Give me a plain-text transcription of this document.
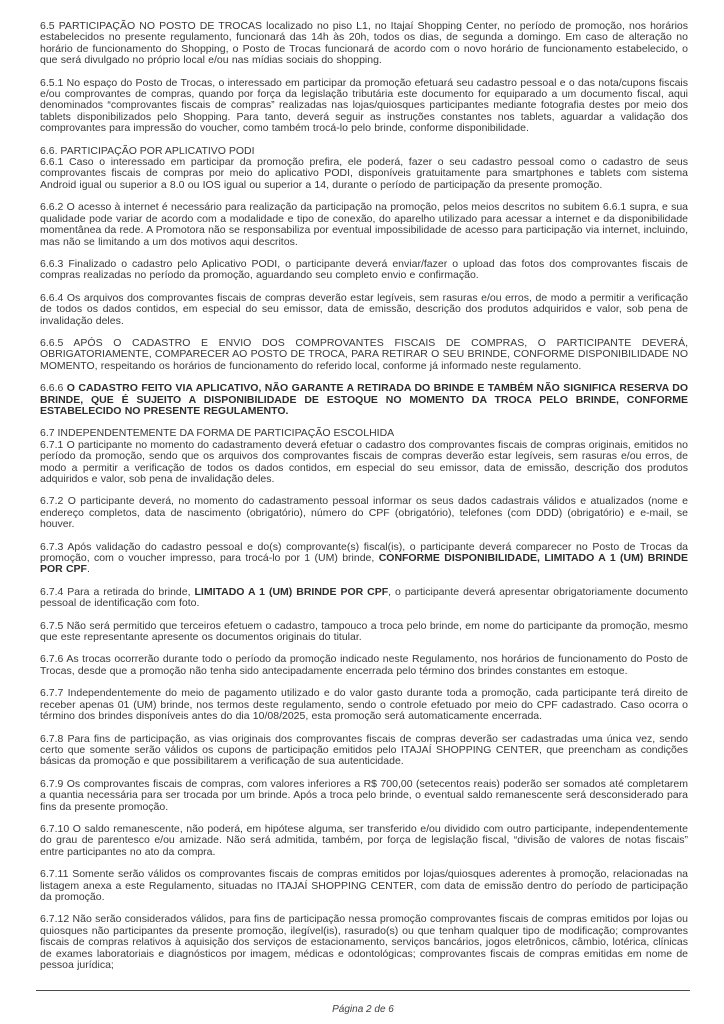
6.5 PARTICIPAÇÃO NO POSTO DE TROCAS localizado no piso L1, no Itajaí Shopping Center, no período de promoção, nos horários estabelecidos no presente regulamento, funcionará das 14h às 20h, todos os dias, de segunda a domingo. Em caso de alteração no horário de funcionamento do Shopping, o Posto de Trocas funcionará de acordo com o novo horário de funcionamento estabelecido, o que será divulgado no próprio local e/ou nas mídias sociais do shopping.

6.5.1 No espaço do Posto de Trocas, o interessado em participar da promoção efetuará seu cadastro pessoal e o das nota/cupons fiscais e/ou comprovantes de compras, quando por força da legislação tributária este documento for equiparado a um documento fiscal, aqui denominados “comprovantes fiscais de compras” realizadas nas lojas/quiosques participantes mediante fotografia destes por meio dos tablets disponibilizados pelo Shopping. Para tanto, deverá seguir as instruções constantes nos tablets, aguardar a validação dos comprovantes para impressão do voucher, como também trocá-lo pelo brinde, conforme disponibilidade.

6.6. PARTICIPAÇÃO POR APLICATIVO PODI

6.6.1 Caso o interessado em participar da promoção prefira, ele poderá, fazer o seu cadastro pessoal como o cadastro de seus comprovantes fiscais de compras por meio do aplicativo PODI, disponíveis gratuitamente para smartphones e tablets com sistema Android igual ou superior a 8.0 ou IOS igual ou superior a 14, durante o período de participação da presente promoção.

6.6.2 O acesso à internet é necessário para realização da participação na promoção, pelos meios descritos no subitem 6.6.1 supra, e sua qualidade pode variar de acordo com a modalidade e tipo de conexão, do aparelho utilizado para acessar a internet e da disponibilidade momentânea da rede. A Promotora não se responsabiliza por eventual impossibilidade de acesso para participação via internet, incluindo, mas não se limitando a um dos motivos aqui descritos.

6.6.3 Finalizado o cadastro pelo Aplicativo PODI, o participante deverá enviar/fazer o upload das fotos dos comprovantes fiscais de compras realizadas no período da promoção, aguardando seu completo envio e confirmação.

6.6.4 Os arquivos dos comprovantes fiscais de compras deverão estar legíveis, sem rasuras e/ou erros, de modo a permitir a verificação de todos os dados contidos, em especial do seu emissor, data de emissão, descrição dos produtos adquiridos e valor, sob pena de invalidação deles.

6.6.5 APÓS O CADASTRO E ENVIO DOS COMPROVANTES FISCAIS DE COMPRAS, O PARTICIPANTE DEVERÁ, OBRIGATORIAMENTE, COMPARECER AO POSTO DE TROCA, PARA RETIRAR O SEU BRINDE, CONFORME DISPONIBILIDADE NO MOMENTO, respeitando os horários de funcionamento do referido local, conforme já informado neste regulamento.

6.6.6 O CADASTRO FEITO VIA APLICATIVO, NÃO GARANTE A RETIRADA DO BRINDE E TAMBÉM NÃO SIGNIFICA RESERVA DO BRINDE, QUE É SUJEITO A DISPONIBILIDADE DE ESTOQUE NO MOMENTO DA TROCA PELO BRINDE, CONFORME ESTABELECIDO NO PRESENTE REGULAMENTO.

6.7 INDEPENDENTEMENTE DA FORMA DE PARTICIPAÇÃO ESCOLHIDA

6.7.1 O participante no momento do cadastramento deverá efetuar o cadastro dos comprovantes fiscais de compras originais, emitidos no período da promoção, sendo que os arquivos dos comprovantes fiscais de compras deverão estar legíveis, sem rasuras e/ou erros, de modo a permitir a verificação de todos os dados contidos, em especial do seu emissor, data de emissão, descrição dos produtos adquiridos e valor, sob pena de invalidação deles.

6.7.2 O participante deverá, no momento do cadastramento pessoal informar os seus dados cadastrais válidos e atualizados (nome e endereço completos, data de nascimento (obrigatório), número do CPF (obrigatório), telefones (com DDD) (obrigatório) e e-mail, se houver.

6.7.3 Após validação do cadastro pessoal e do(s) comprovante(s) fiscal(is), o participante deverá comparecer no Posto de Trocas da promoção, com o voucher impresso, para trocá-lo por 1 (UM) brinde, CONFORME DISPONIBILIDADE, LIMITADO A 1 (UM) BRINDE POR CPF.

6.7.4 Para a retirada do brinde, LIMITADO A 1 (UM) BRINDE POR CPF, o participante deverá apresentar obrigatoriamente documento pessoal de identificação com foto.

6.7.5 Não será permitido que terceiros efetuem o cadastro, tampouco a troca pelo brinde, em nome do participante da promoção, mesmo que este representante apresente os documentos originais do titular.

6.7.6 As trocas ocorrerão durante todo o período da promoção indicado neste Regulamento, nos horários de funcionamento do Posto de Trocas, desde que a promoção não tenha sido antecipadamente encerrada pelo término dos brindes constantes em estoque.

6.7.7 Independentemente do meio de pagamento utilizado e do valor gasto durante toda a promoção, cada participante terá direito de receber apenas 01 (UM) brinde, nos termos deste regulamento, sendo o controle efetuado por meio do CPF cadastrado. Caso ocorra o término dos brindes disponíveis antes do dia 10/08/2025, esta promoção será automaticamente encerrada.

6.7.8 Para fins de participação, as vias originais dos comprovantes fiscais de compras deverão ser cadastradas uma única vez, sendo certo que somente serão válidos os cupons de participação emitidos pelo ITAJAÍ SHOPPING CENTER, que preencham as condições básicas da promoção e que possibilitarem a verificação de sua autenticidade.

6.7.9 Os comprovantes fiscais de compras, com valores inferiores a R$ 700,00 (setecentos reais) poderão ser somados até completarem a quantia necessária para ser trocada por um brinde. Após a troca pelo brinde, o eventual saldo remanescente será desconsiderado para fins da presente promoção.

6.7.10 O saldo remanescente, não poderá, em hipótese alguma, ser transferido e/ou dividido com outro participante, independentemente do grau de parentesco e/ou amizade. Não será admitida, também, por força de legislação fiscal, “divisão de valores de notas fiscais” entre participantes no ato da compra.

6.7.11 Somente serão válidos os comprovantes fiscais de compras emitidos por lojas/quiosques aderentes à promoção, relacionadas na listagem anexa a este Regulamento, situadas no ITAJAÍ SHOPPING CENTER, com data de emissão dentro do período de participação da promoção.

6.7.12 Não serão considerados válidos, para fins de participação nessa promoção comprovantes fiscais de compras emitidos por lojas ou quiosques não participantes da presente promoção, ilegível(is), rasurado(s) ou que tenham qualquer tipo de modificação; comprovantes fiscais de compras relativos à aquisição dos serviços de estacionamento, serviços bancários, jogos eletrônicos, câmbio, lotérica, clínicas de exames laboratoriais e diagnósticos por imagem, médicas e odontológicas; comprovantes fiscais de compras emitidas em nome de pessoa jurídica;

Página 2 de 6
